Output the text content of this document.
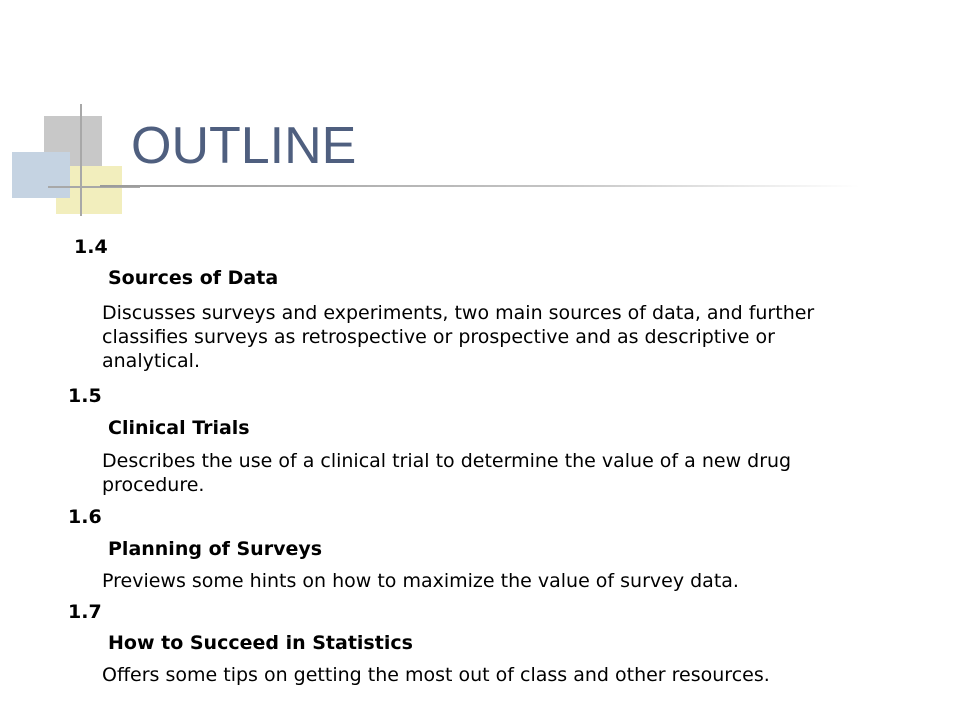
OUTLINE

1.4

Sources of Data

Discusses surveys and experiments, two main sources of data, and further classifies surveys as retrospective or prospective and as descriptive or analytical.

1.5

Clinical Trials

Describes the use of a clinical trial to determine the value of a new drug procedure.

1.6

Planning of Surveys

Previews some hints on how to maximize the value of survey data.

1.7

How to Succeed in Statistics

Offers some tips on getting the most out of class and other resources.
